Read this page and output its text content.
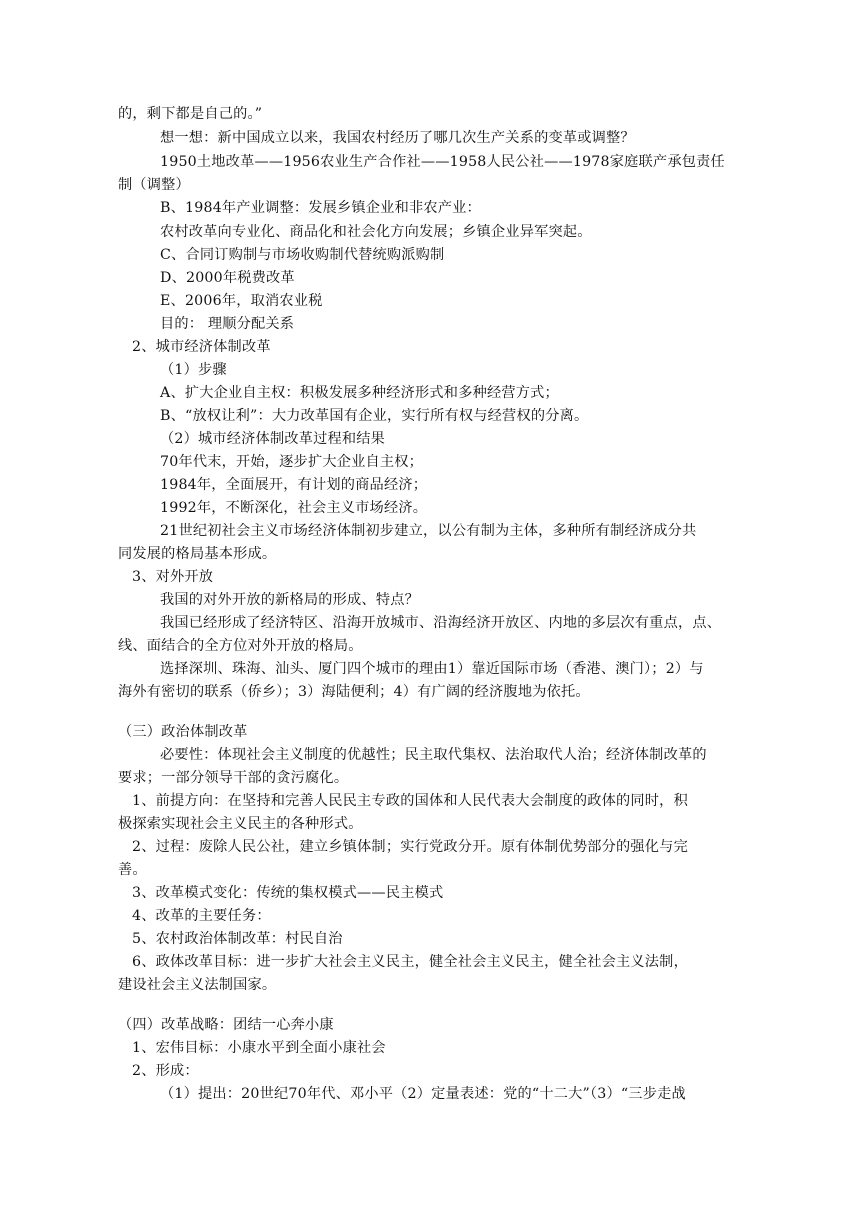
的，剩下都是自己的。”
想一想：新中国成立以来，我国农村经历了哪几次生产关系的变革或调整？
1950土地改革——1956农业生产合作社——1958人民公社——1978家庭联产承包责任
制（调整）
B、1984年产业调整：发展乡镇企业和非农产业：
农村改革向专业化、商品化和社会化方向发展；乡镇企业异军突起。
C、合同订购制与市场收购制代替统购派购制
D、2000年税费改革
E、2006年，取消农业税
目的： 理顺分配关系
2、城市经济体制改革
（1）步骤
A、扩大企业自主权：积极发展多种经济形式和多种经营方式；
B、“放权让利”：大力改革国有企业，实行所有权与经营权的分离。
（2）城市经济体制改革过程和结果
70年代末，开始，逐步扩大企业自主权；
1984年，全面展开，有计划的商品经济；
1992年，不断深化，社会主义市场经济。
21世纪初社会主义市场经济体制初步建立，以公有制为主体，多种所有制经济成分共
同发展的格局基本形成。
3、对外开放
我国的对外开放的新格局的形成、特点？
我国已经形成了经济特区、沿海开放城市、沿海经济开放区、内地的多层次有重点，点、
线、面结合的全方位对外开放的格局。
选择深圳、珠海、汕头、厦门四个城市的理由1）靠近国际市场（香港、澳门）；2）与
海外有密切的联系（侨乡）；3）海陆便利；4）有广阔的经济腹地为依托。
（三）政治体制改革
必要性：体现社会主义制度的优越性；民主取代集权、法治取代人治；经济体制改革的
要求；一部分领导干部的贪污腐化。
1、前提方向：在坚持和完善人民民主专政的国体和人民代表大会制度的政体的同时，积
极探索实现社会主义民主的各种形式。
2、过程：废除人民公社，建立乡镇体制；实行党政分开。原有体制优势部分的强化与完
善。
3、改革模式变化：传统的集权模式——民主模式
4、改革的主要任务：
5、农村政治体制改革：村民自治
6、政体改革目标：进一步扩大社会主义民主，健全社会主义民主，健全社会主义法制，
建设社会主义法制国家。
（四）改革战略：团结一心奔小康
1、宏伟目标：小康水平到全面小康社会
2、形成：
（1）提出：20世纪70年代、邓小平（2）定量表述：党的“十二大”（3）“三步走战
